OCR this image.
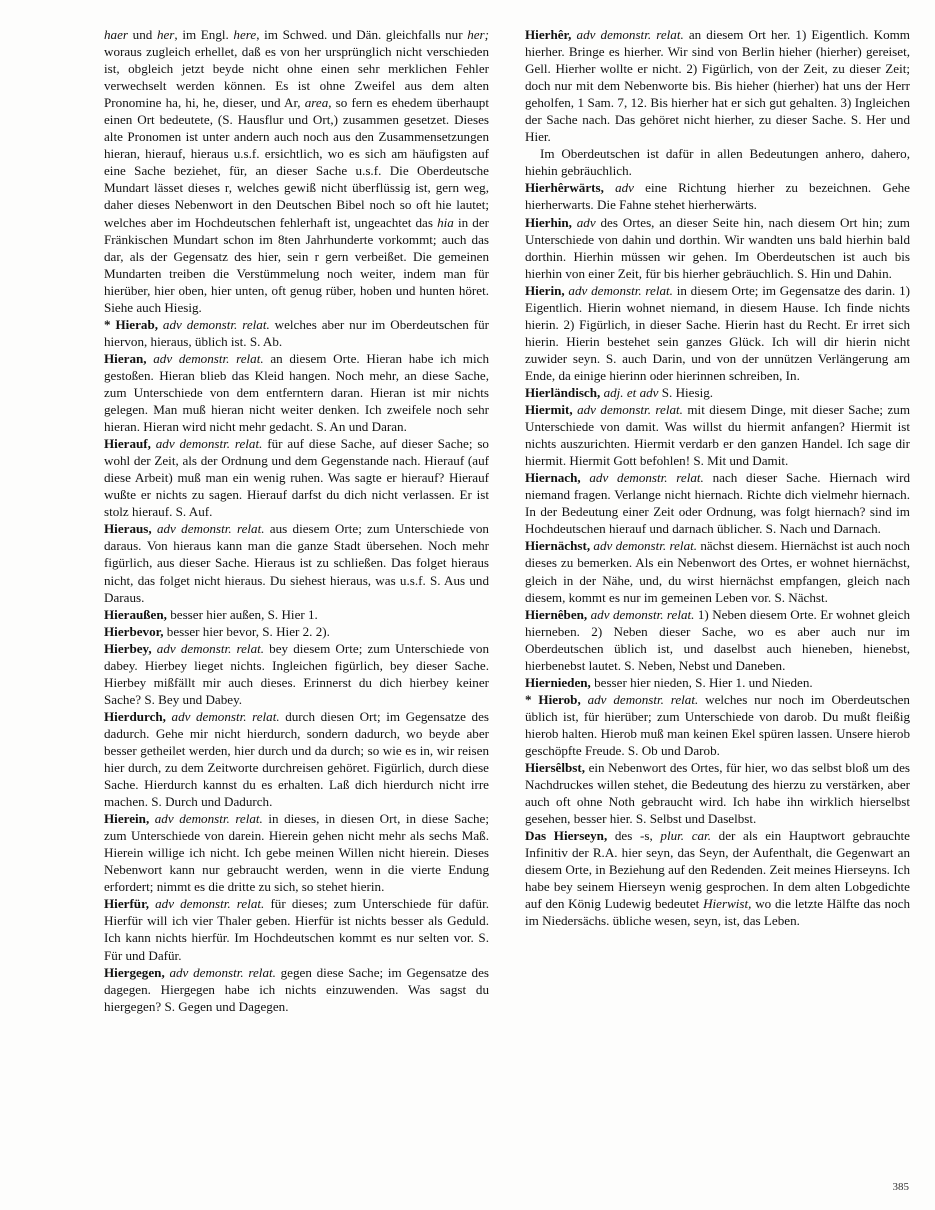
haer und her, im Engl. here, im Schwed. und Dän. gleichfalls nur her; woraus zugleich erhellet, daß es von her ursprünglich nicht verschieden ist, obgleich jetzt beyde nicht ohne einen sehr merklichen Fehler verwechselt werden können. Es ist ohne Zweifel aus dem alten Pronomine ha, hi, he, dieser, und Ar, area, so fern es ehedem überhaupt einen Ort bedeutete, (S. Hausflur und Ort,) zusammen gesetzet. Dieses alte Pronomen ist unter andern auch noch aus den Zusammensetzungen hieran, hierauf, hieraus u.s.f. ersichtlich, wo es sich am häufigsten auf eine Sache beziehet, für, an dieser Sache u.s.f. Die Oberdeutsche Mundart lässet dieses r, welches gewiß nicht überflüssig ist, gern weg, daher dieses Nebenwort in den Deutschen Bibel noch so oft hie lautet; welches aber im Hochdeutschen fehlerhaft ist, ungeachtet das hia in der Fränkischen Mundart schon im 8ten Jahrhunderte vorkommt; auch das dar, als der Gegensatz des hier, sein r gern verbeißet. Die gemeinen Mundarten treiben die Verstümmelung noch weiter, indem man für hierüber, hier oben, hier unten, oft genug rüber, hoben und hunten höret. Siehe auch Hiesig.

* Hierab, adv demonstr. relat. welches aber nur im Oberdeutschen für hiervon, hieraus, üblich ist. S. Ab.

Hieran, adv demonstr. relat. an diesem Orte. Hieran habe ich mich gestoßen. Hieran blieb das Kleid hangen. Noch mehr, an diese Sache, zum Unterschiede von dem entferntern daran. Hieran ist mir nichts gelegen. Man muß hieran nicht weiter denken. Ich zweifele noch sehr hieran. Hieran wird nicht mehr gedacht. S. An und Daran.

Hierauf, adv demonstr. relat. für auf diese Sache, auf dieser Sache; so wohl der Zeit, als der Ordnung und dem Gegenstande nach. Hierauf (auf diese Arbeit) muß man ein wenig ruhen. Was sagte er hierauf? Hierauf wußte er nichts zu sagen. Hierauf darfst du dich nicht verlassen. Er ist stolz hierauf. S. Auf.

Hieraus, adv demonstr. relat. aus diesem Orte; zum Unterschiede von daraus. Von hieraus kann man die ganze Stadt übersehen. Noch mehr figürlich, aus dieser Sache. Hieraus ist zu schließen. Das folget hieraus nicht, das folget nicht hieraus. Du siehest hieraus, was u.s.f. S. Aus und Daraus.

Hieraußen, besser hier außen, S. Hier 1.

Hierbevor, besser hier bevor, S. Hier 2. 2).

Hierbey, adv demonstr. relat. bey diesem Orte; zum Unterschiede von dabey. Hierbey lieget nichts. Ingleichen figürlich, bey dieser Sache. Hierbey mißfällt mir auch dieses. Erinnerst du dich hierbey keiner Sache? S. Bey und Dabey.

Hierdurch, adv demonstr. relat. durch diesen Ort; im Gegensatze des dadurch. Gehe mir nicht hierdurch, sondern dadurch, wo beyde aber besser getheilet werden, hier durch und da durch; so wie es in, wir reisen hier durch, zu dem Zeitworte durchreisen gehöret. Figürlich, durch diese Sache. Hierdurch kannst du es erhalten. Laß dich hierdurch nicht irre machen. S. Durch und Dadurch.

Hierein, adv demonstr. relat. in dieses, in diesen Ort, in diese Sache; zum Unterschiede von darein. Hierein gehen nicht mehr als sechs Maß. Hierein willige ich nicht. Ich gebe meinen Willen nicht hierein. Dieses Nebenwort kann nur gebraucht werden, wenn in die vierte Endung erfordert; nimmt es die dritte zu sich, so stehet hierin.

Hierfür, adv demonstr. relat. für dieses; zum Unterschiede für dafür. Hierfür will ich vier Thaler geben. Hierfür ist nichts besser als Geduld. Ich kann nichts hierfür. Im Hochdeutschen kommt es nur selten vor. S. Für und Dafür.

Hiergegen, adv demonstr. relat. gegen diese Sache; im Gegensatze des dagegen. Hiergegen habe ich nichts einzuwenden. Was sagst du hiergegen? S. Gegen und Dagegen.

Hierhêr, adv demonstr. relat. an diesem Ort her. 1) Eigentlich. Komm hierher. Bringe es hierher. Wir sind von Berlin hieher (hierher) gereiset, Gell. Hierher wollte er nicht. 2) Figürlich, von der Zeit, zu dieser Zeit; doch nur mit dem Nebenworte bis. Bis hieher (hierher) hat uns der Herr geholfen, 1 Sam. 7, 12. Bis hierher hat er sich gut gehalten. 3) Ingleichen der Sache nach. Das gehöret nicht hierher, zu dieser Sache. S. Her und Hier.

Im Oberdeutschen ist dafür in allen Bedeutungen anhero, dahero, hiehin gebräuchlich.

Hierhêrwärts, adv eine Richtung hierher zu bezeichnen. Gehe hierherwarts. Die Fahne stehet hierherwärts.

Hierhin, adv des Ortes, an dieser Seite hin, nach diesem Ort hin; zum Unterschiede von dahin und dorthin. Wir wandten uns bald hierhin bald dorthin. Hierhin müssen wir gehen. Im Oberdeutschen ist auch bis hierhin von einer Zeit, für bis hierher gebräuchlich. S. Hin und Dahin.

Hierin, adv demonstr. relat. in diesem Orte; im Gegensatze des darin. 1) Eigentlich. Hierin wohnet niemand, in diesem Hause. Ich finde nichts hierin. 2) Figürlich, in dieser Sache. Hierin hast du Recht. Er irret sich hierin. Hierin bestehet sein ganzes Glück. Ich will dir hierin nicht zuwider seyn. S. auch Darin, und von der unnützen Verlängerung am Ende, da einige hierinn oder hierinnen schreiben, In.

Hierländisch, adj. et adv S. Hiesig.

Hiermit, adv demonstr. relat. mit diesem Dinge, mit dieser Sache; zum Unterschiede von damit. Was willst du hiermit anfangen? Hiermit ist nichts auszurichten. Hiermit verdarb er den ganzen Handel. Ich sage dir hiermit. Hiermit Gott befohlen! S. Mit und Damit.

Hiernach, adv demonstr. relat. nach dieser Sache. Hiernach wird niemand fragen. Verlange nicht hiernach. Richte dich vielmehr hiernach. In der Bedeutung einer Zeit oder Ordnung, was folgt hiernach? sind im Hochdeutschen hierauf und darnach üblicher. S. Nach und Darnach.

Hiernächst, adv demonstr. relat. nächst diesem. Hiernächst ist auch noch dieses zu bemerken. Als ein Nebenwort des Ortes, er wohnet hiernächst, gleich in der Nähe, und, du wirst hiernächst empfangen, gleich nach diesem, kommt es nur im gemeinen Leben vor. S. Nächst.

Hiernêben, adv demonstr. relat. 1) Neben diesem Orte. Er wohnet gleich hierneben. 2) Neben dieser Sache, wo es aber auch nur im Oberdeutschen üblich ist, und daselbst auch hieneben, hienebst, hierbenebst lautet. S. Neben, Nebst und Daneben.

Hiernieden, besser hier nieden, S. Hier 1. und Nieden.

* Hierob, adv demonstr. relat. welches nur noch im Oberdeutschen üblich ist, für hierüber; zum Unterschiede von darob. Du mußt fleißig hierob halten. Hierob muß man keinen Ekel spüren lassen. Unsere hierob geschöpfte Freude. S. Ob und Darob.

Hiersêlbst, ein Nebenwort des Ortes, für hier, wo das selbst bloß um des Nachdruckes willen stehet, die Bedeutung des hierzu zu verstärken, aber auch oft ohne Noth gebraucht wird. Ich habe ihn wirklich hierselbst gesehen, besser hier. S. Selbst und Daselbst.

Das Hierseyn, des -s, plur. car. der als ein Hauptwort gebrauchte Infinitiv der R.A. hier seyn, das Seyn, der Aufenthalt, die Gegenwart an diesem Orte, in Beziehung auf den Redenden. Zeit meines Hierseyns. Ich habe bey seinem Hierseyn wenig gesprochen. In dem alten Lobgedichte auf den König Ludewig bedeutet Hierwist, wo die letzte Hälfte das noch im Niedersächs. übliche wesen, seyn, ist, das Leben.

385
